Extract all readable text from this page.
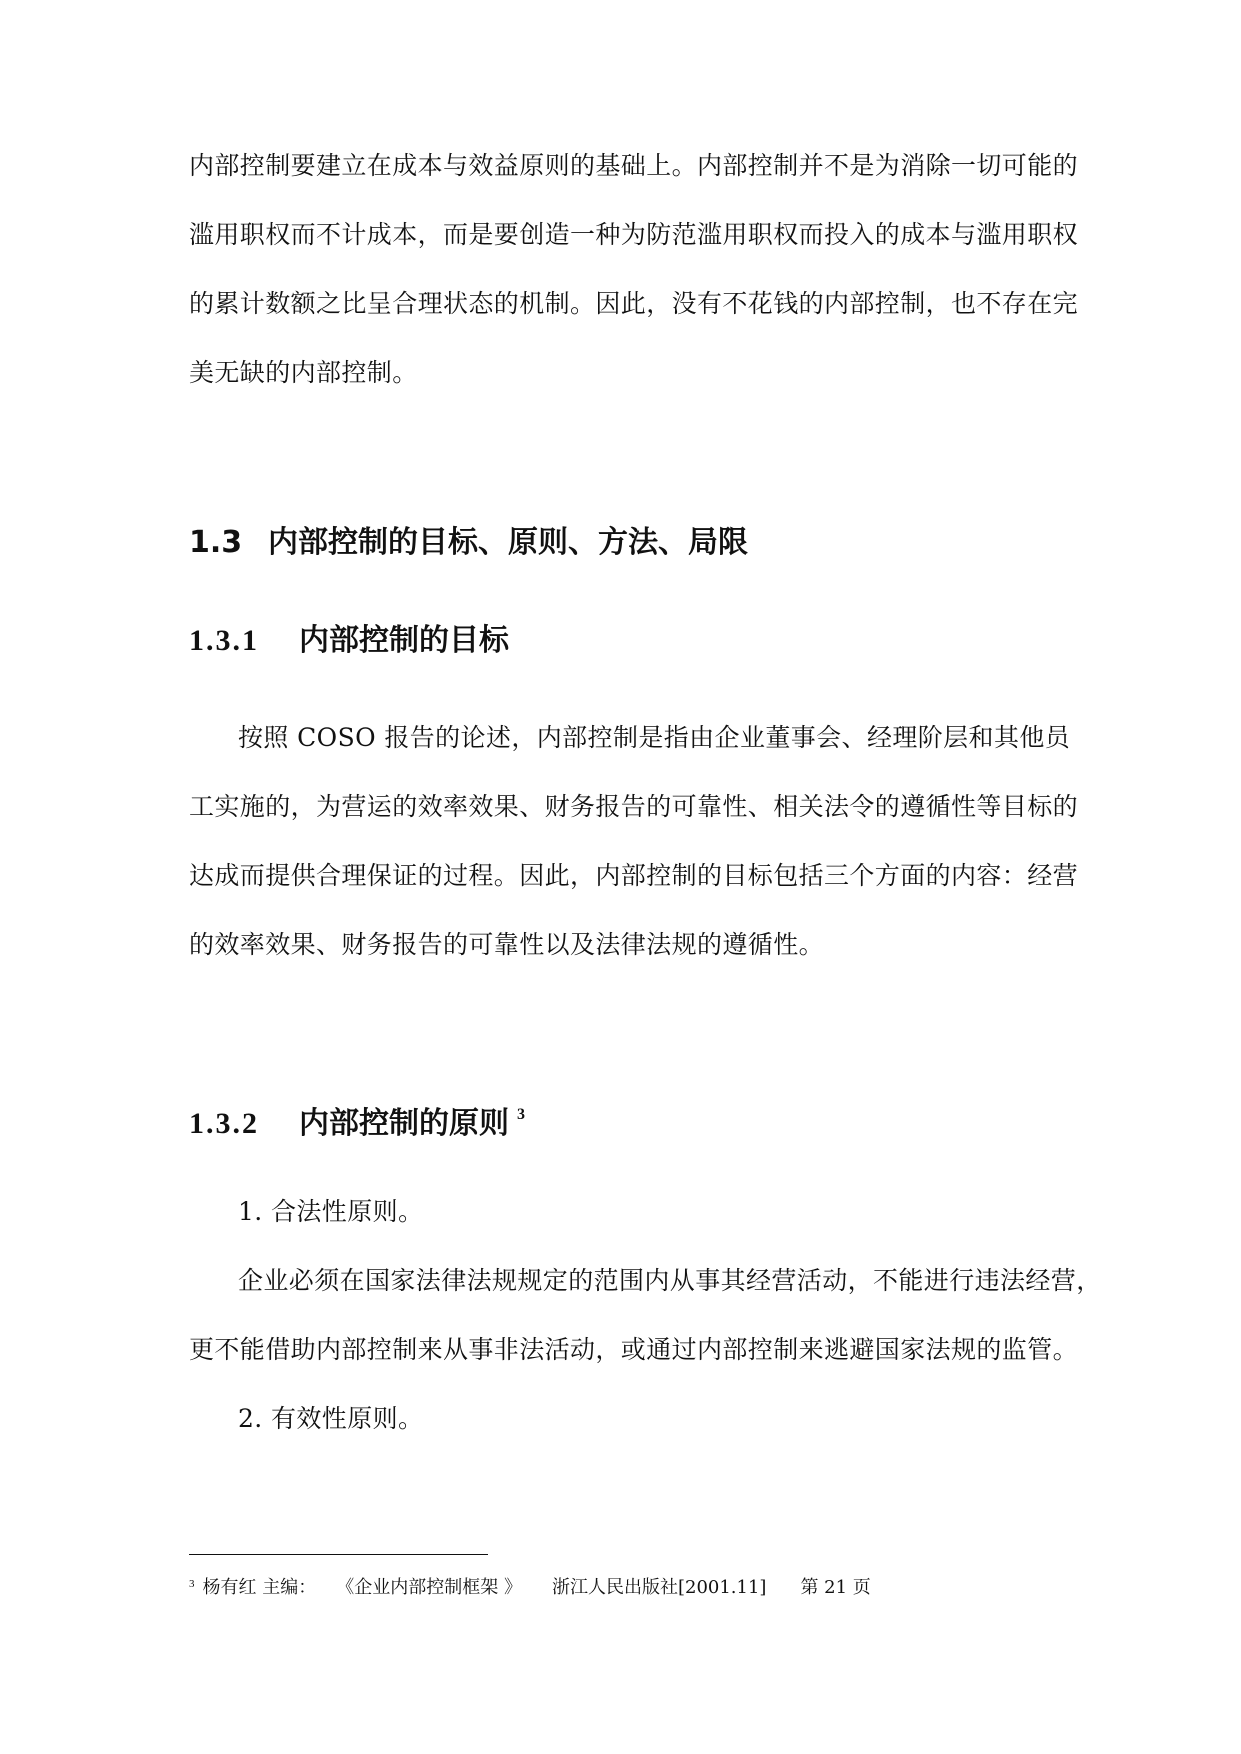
内部控制要建立在成本与效益原则的基础上。内部控制并不是为消除一切可能的
滥用职权而不计成本，而是要创造一种为防范滥用职权而投入的成本与滥用职权
的累计数额之比呈合理状态的机制。因此，没有不花钱的内部控制，也不存在完
美无缺的内部控制。
1.3 内部控制的目标、原则、方法、局限
1.3.1 内部控制的目标
按照 COSO 报告的论述，内部控制是指由企业董事会、经理阶层和其他员
工实施的，为营运的效率效果、财务报告的可靠性、相关法令的遵循性等目标的
达成而提供合理保证的过程。因此，内部控制的目标包括三个方面的内容：经营
的效率效果、财务报告的可靠性以及法律法规的遵循性。
1.3.2 内部控制的原则 $^3$
1. 合法性原则。
企业必须在国家法律法规规定的范围内从事其经营活动，不能进行违法经营，
更不能借助内部控制来从事非法活动，或通过内部控制来逃避国家法规的监管。
2. 有效性原则。
$^3$ 杨有红 主编： 《企业内部控制框架 》 浙江人民出版社[2001.11] 第 21 页
